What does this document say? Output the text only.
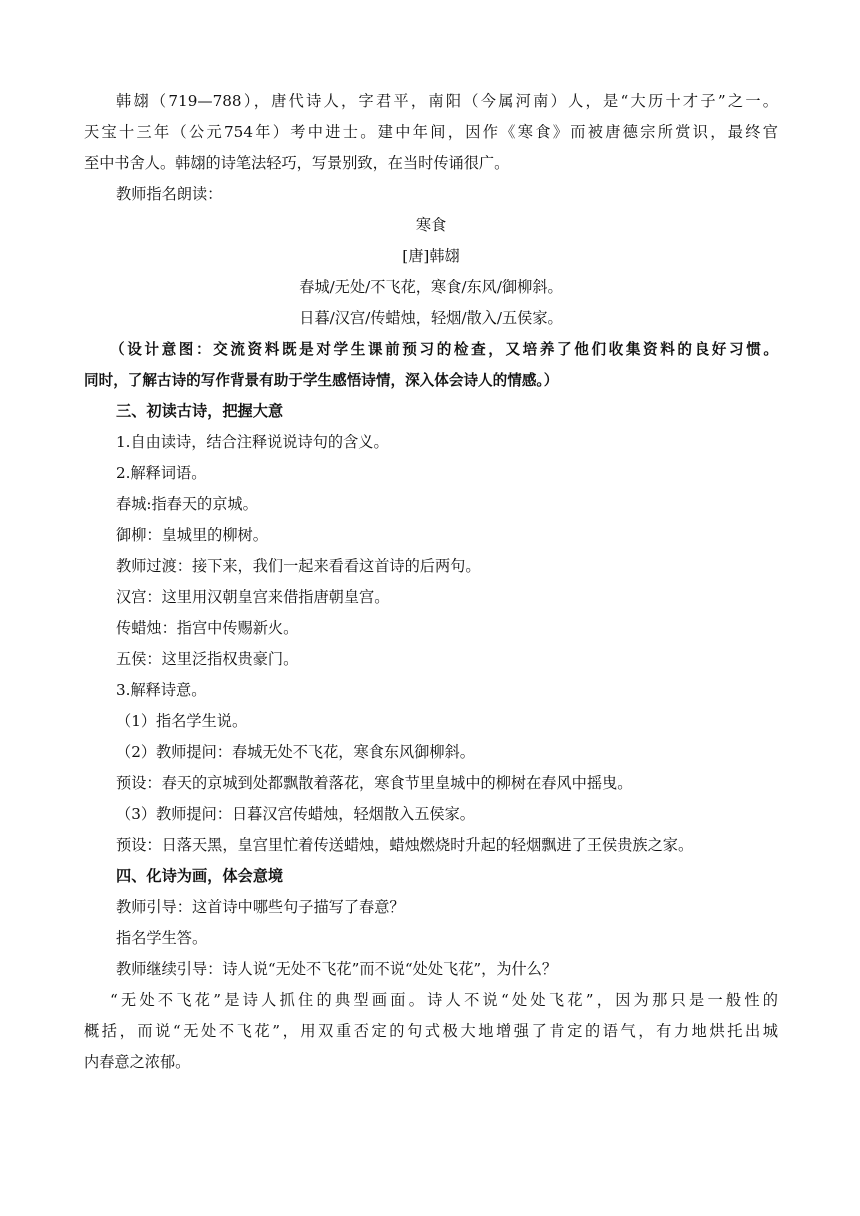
韩翃（719—788），唐代诗人，字君平，南阳（今属河南）人，是“大历十才子”之一。
天宝十三年（公元754年）考中进士。建中年间，因作《寒食》而被唐德宗所赏识，最终官
至中书舍人。韩翃的诗笔法轻巧，写景别致，在当时传诵很广。
教师指名朗读：
寒食
[唐]韩翃
春城/无处/不飞花，寒食/东风/御柳斜。
日暮/汉宫/传蜡烛，轻烟/散入/五侯家。
（设计意图：交流资料既是对学生课前预习的检查，又培养了他们收集资料的良好习惯。
同时，了解古诗的写作背景有助于学生感悟诗情，深入体会诗人的情感。）
三、初读古诗，把握大意
1.自由读诗，结合注释说说诗句的含义。
2.解释词语。
春城:指春天的京城。
御柳：皇城里的柳树。
教师过渡：接下来，我们一起来看看这首诗的后两句。
汉宫：这里用汉朝皇宫来借指唐朝皇宫。
传蜡烛：指宫中传赐新火。
五侯：这里泛指权贵豪门。
3.解释诗意。
（1）指名学生说。
（2）教师提问：春城无处不飞花，寒食东风御柳斜。
预设：春天的京城到处都飘散着落花，寒食节里皇城中的柳树在春风中摇曳。
（3）教师提问：日暮汉宫传蜡烛，轻烟散入五侯家。
预设：日落天黑，皇宫里忙着传送蜡烛，蜡烛燃烧时升起的轻烟飘进了王侯贵族之家。
四、化诗为画，体会意境
教师引导：这首诗中哪些句子描写了春意？
指名学生答。
教师继续引导：诗人说“无处不飞花”而不说“处处飞花”，为什么？
“无处不飞花”是诗人抓住的典型画面。诗人不说“处处飞花”，因为那只是一般性的
概括，而说“无处不飞花”，用双重否定的句式极大地增强了肯定的语气，有力地烘托出城
内春意之浓郁。
